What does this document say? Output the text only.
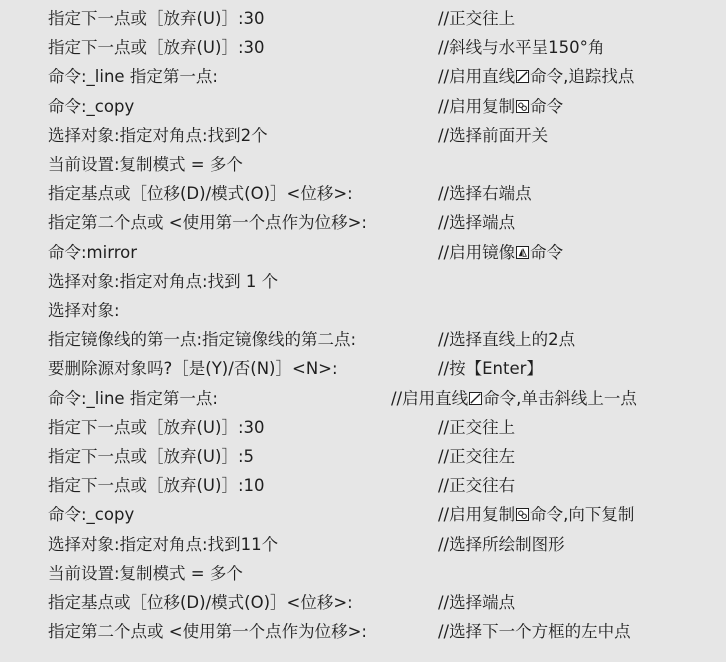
指定下一点或［放弃(U)］:30	//正交往上
指定下一点或［放弃(U)］:30	//斜线与水平呈150°角
命令:_line 指定第一点:	//启用直线 命令,追踪找点
命令:_copy	//启用复制 命令
选择对象:指定对角点:找到2个	//选择前面开关
当前设置:复制模式 = 多个
指定基点或［位移(D)/模式(O)］<位移>:	//选择右端点
指定第二个点或 <使用第一个点作为位移>:	//选择端点
命令:mirror	//启用镜像 命令
选择对象:指定对角点:找到 1 个
选择对象:
指定镜像线的第一点:指定镜像线的第二点:	//选择直线上的2点
要删除源对象吗?［是(Y)/否(N)］<N>:	//按【Enter】
命令:_line 指定第一点:	//启用直线 命令,单击斜线上一点
指定下一点或［放弃(U)］:30	//正交往上
指定下一点或［放弃(U)］:5	//正交往左
指定下一点或［放弃(U)］:10	//正交往右
命令:_copy	//启用复制 命令,向下复制
选择对象:指定对角点:找到11个	//选择所绘制图形
当前设置:复制模式 = 多个
指定基点或［位移(D)/模式(O)］<位移>:	//选择端点
指定第二个点或 <使用第一个点作为位移>:	//选择下一个方框的左中点
